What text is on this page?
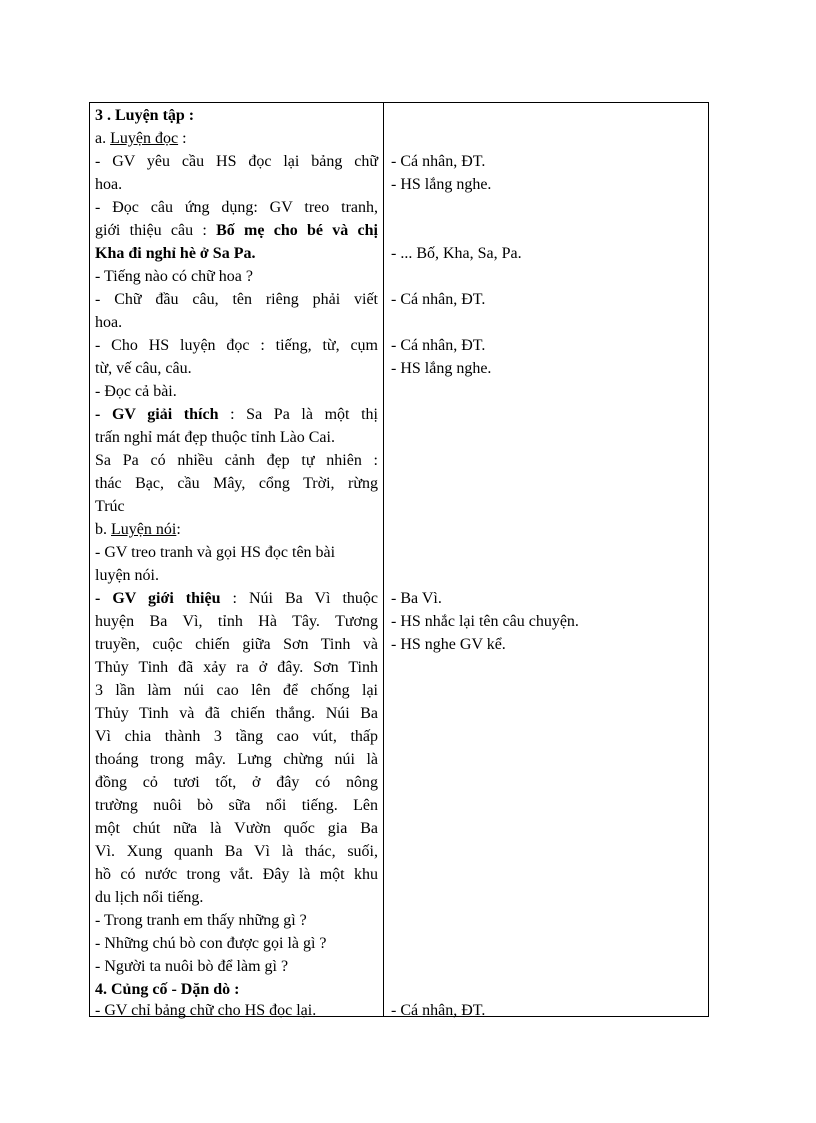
3 . Luyện tập :
a. Luyện đọc :
- GV yêu cầu HS đọc lại bảng chữ
hoa.
- Đọc câu ứng dụng: GV treo tranh,
giới thiệu câu : Bố mẹ cho bé và chị
Kha đi nghỉ hè ở Sa Pa.
- Tiếng nào có chữ hoa ?
- Chữ đầu câu, tên riêng phải viết
hoa.
- Cho HS luyện đọc : tiếng, từ, cụm
từ, vế câu, câu.
- Đọc cả bài.
- GV giải thích : Sa Pa là một thị
trấn nghỉ mát đẹp thuộc tỉnh Lào Cai.
Sa Pa có nhiều cảnh đẹp tự nhiên :
thác Bạc, cầu Mây, cổng Trời, rừng
Trúc
b. Luyện nói:
- GV treo tranh và gọi HS đọc tên bài
luyện nói.
- GV giới thiệu : Núi Ba Vì thuộc
huyện Ba Vì, tỉnh Hà Tây. Tương
truyền, cuộc chiến giữa Sơn Tinh và
Thủy Tinh đã xảy ra ở đây. Sơn Tinh
3 lần làm núi cao lên để chống lại
Thủy Tinh và đã chiến thắng. Núi Ba
Vì chia thành 3 tầng cao vút, thấp
thoáng trong mây. Lưng chừng núi là
đồng cỏ tươi tốt, ở đây có nông
trường nuôi bò sữa nổi tiếng. Lên
một chút nữa là Vườn quốc gia Ba
Vì. Xung quanh Ba Vì là thác, suối,
hồ có nước trong vắt. Đây là một khu
du lịch nổi tiếng.
- Trong tranh em thấy những gì ?
- Những chú bò con được gọi là gì ?
- Người ta nuôi bò để làm gì ?
4. Củng cố - Dặn dò :
- GV chỉ bảng chữ cho HS đọc lại.
- Cá nhân, ĐT.
- HS lắng nghe.
- ... Bố, Kha, Sa, Pa.
- Cá nhân, ĐT.
- Cá nhân, ĐT.
- HS lắng nghe.
- Ba Vì.
- HS nhắc lại tên câu chuyện.
- HS nghe GV kể.
- Cá nhân, ĐT.
